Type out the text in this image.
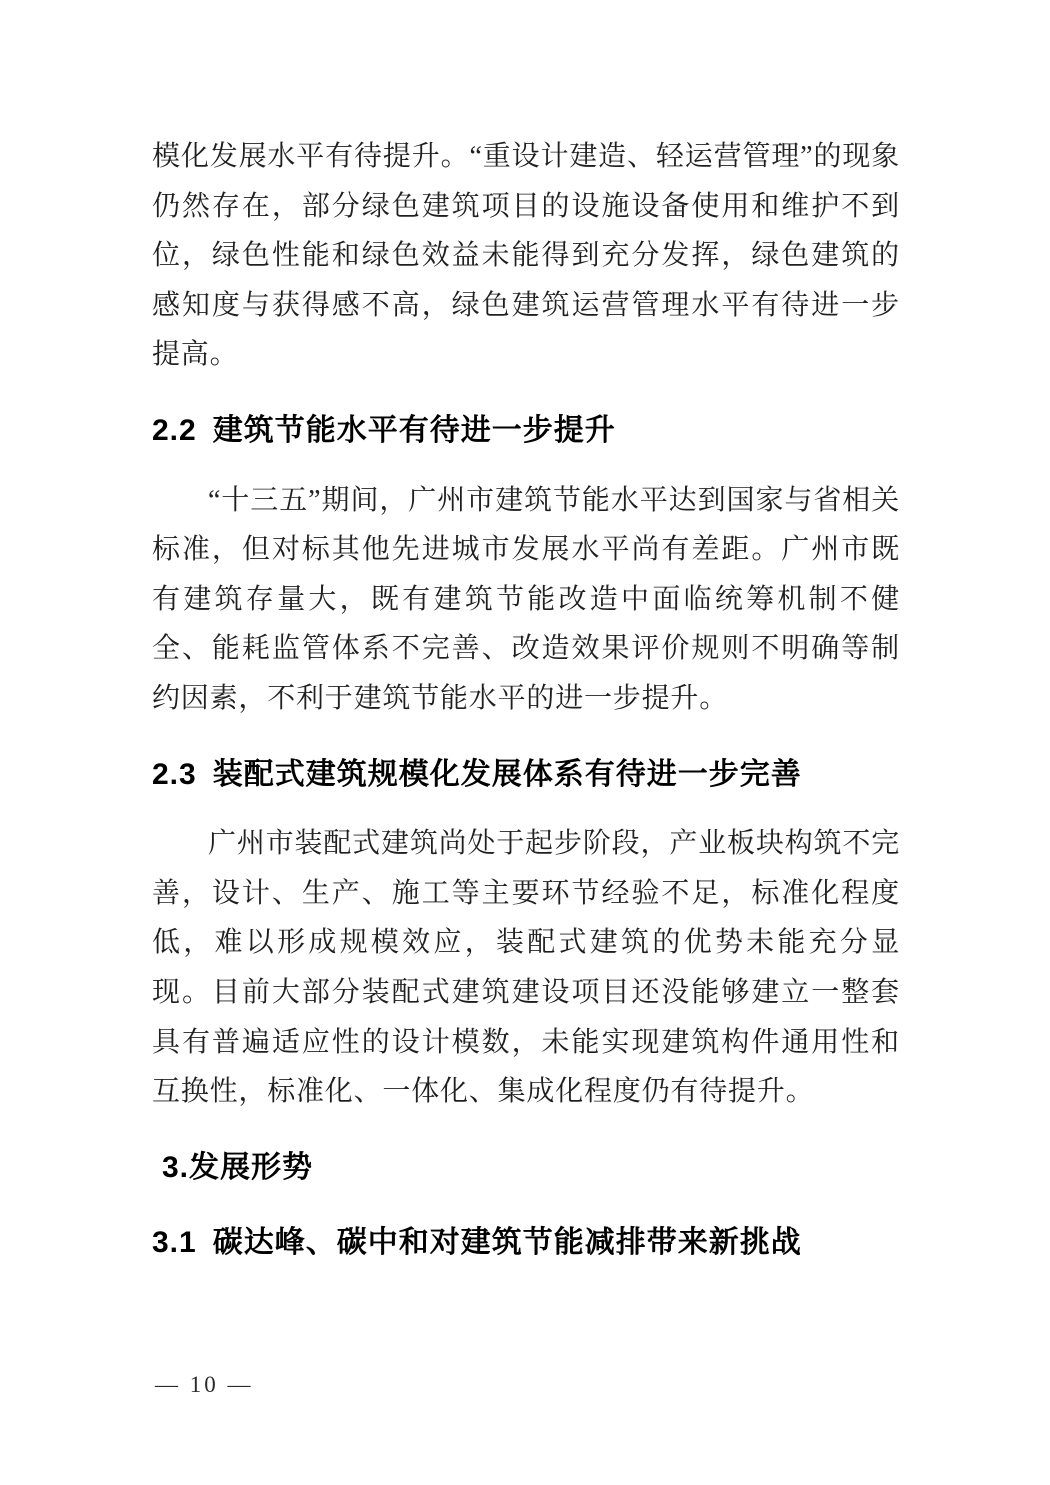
模化发展水平有待提升。“重设计建造、轻运营管理”的现象仍然存在，部分绿色建筑项目的设施设备使用和维护不到位，绿色性能和绿色效益未能得到充分发挥，绿色建筑的感知度与获得感不高，绿色建筑运营管理水平有待进一步提高。

2.2 建筑节能水平有待进一步提升

“十三五”期间，广州市建筑节能水平达到国家与省相关标准，但对标其他先进城市发展水平尚有差距。广州市既有建筑存量大，既有建筑节能改造中面临统筹机制不健全、能耗监管体系不完善、改造效果评价规则不明确等制约因素，不利于建筑节能水平的进一步提升。

2.3 装配式建筑规模化发展体系有待进一步完善

广州市装配式建筑尚处于起步阶段，产业板块构筑不完善，设计、生产、施工等主要环节经验不足，标准化程度低，难以形成规模效应，装配式建筑的优势未能充分显现。目前大部分装配式建筑建设项目还没能够建立一整套具有普遍适应性的设计模数，未能实现建筑构件通用性和互换性，标准化、一体化、集成化程度仍有待提升。

3.发展形势
3.1 碳达峰、碳中和对建筑节能减排带来新挑战
— 10 —
